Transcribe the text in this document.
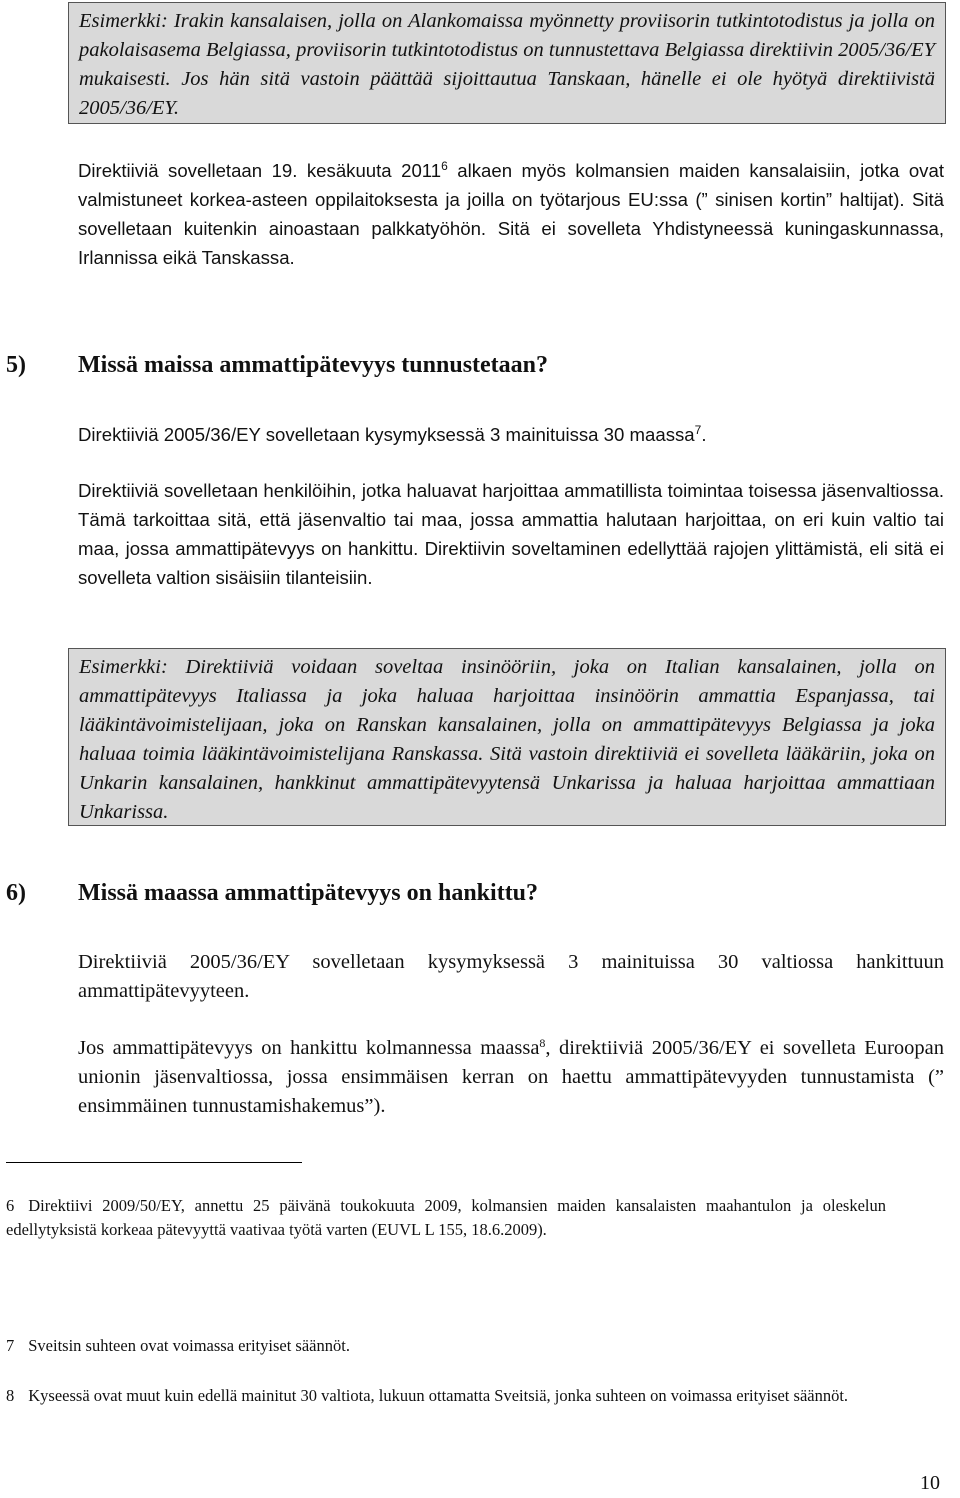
Esimerkki: Irakin kansalaisen, jolla on Alankomaissa myönnetty proviisorin tutkintotodistus ja jolla on pakolaisasema Belgiassa, proviisorin tutkintotodistus on tunnustettava Belgiassa direktiivin 2005/36/EY mukaisesti. Jos hän sitä vastoin päättää sijoittautua Tanskaan, hänelle ei ole hyötyä direktiivistä 2005/36/EY.
Direktiiviä sovelletaan 19. kesäkuuta 2011$^6$ alkaen myös kolmansien maiden kansalaisiin, jotka ovat valmistuneet korkea-asteen oppilaitoksesta ja joilla on työtarjous EU:ssa (” sinisen kortin” haltijat). Sitä sovelletaan kuitenkin ainoastaan palkkatyöhön. Sitä ei sovelleta Yhdistyneessä kuningaskunnassa, Irlannissa eikä Tanskassa.
5) Missä maissa ammattipätevyys tunnustetaan?
Direktiiviä 2005/36/EY sovelletaan kysymyksessä 3 mainituissa 30 maassa$^7$.
Direktiiviä sovelletaan henkilöihin, jotka haluavat harjoittaa ammatillista toimintaa toisessa jäsenvaltiossa. Tämä tarkoittaa sitä, että jäsenvaltio tai maa, jossa ammattia halutaan harjoittaa, on eri kuin valtio tai maa, jossa ammattipätevyys on hankittu. Direktiivin soveltaminen edellyttää rajojen ylittämistä, eli sitä ei sovelleta valtion sisäisiin tilanteisiin.
Esimerkki: Direktiiviä voidaan soveltaa insinööriin, joka on Italian kansalainen, jolla on ammattipätevyys Italiassa ja joka haluaa harjoittaa insinöörin ammattia Espanjassa, tai lääkintävoimistelijaan, joka on Ranskan kansalainen, jolla on ammattipätevyys Belgiassa ja joka haluaa toimia lääkintävoimistelijana Ranskassa. Sitä vastoin direktiiviä ei sovelleta lääkäriin, joka on Unkarin kansalainen, hankkinut ammattipätevyytensä Unkarissa ja haluaa harjoittaa ammattiaan Unkarissa.
6) Missä maassa ammattipätevyys on hankittu?
Direktiiviä 2005/36/EY sovelletaan kysymyksessä 3 mainituissa 30 valtiossa hankittuun ammattipätevyyteen.
Jos ammattipätevyys on hankittu kolmannessa maassa$^8$, direktiiviä 2005/36/EY ei sovelleta Euroopan unionin jäsenvaltiossa, jossa ensimmäisen kerran on haettu ammattipätevyyden tunnustamista (” ensimmäinen tunnustamishakemus”).
6 Direktiivi 2009/50/EY, annettu 25 päivänä toukokuuta 2009, kolmansien maiden kansalaisten maahantulon ja oleskelun edellytyksistä korkeaa pätevyyttä vaativaa työtä varten (EUVL L 155, 18.6.2009).
7 Sveitsin suhteen ovat voimassa erityiset säännöt.
8 Kyseessä ovat muut kuin edellä mainitut 30 valtiota, lukuun ottamatta Sveitsiä, jonka suhteen on voimassa erityiset säännöt.
10
